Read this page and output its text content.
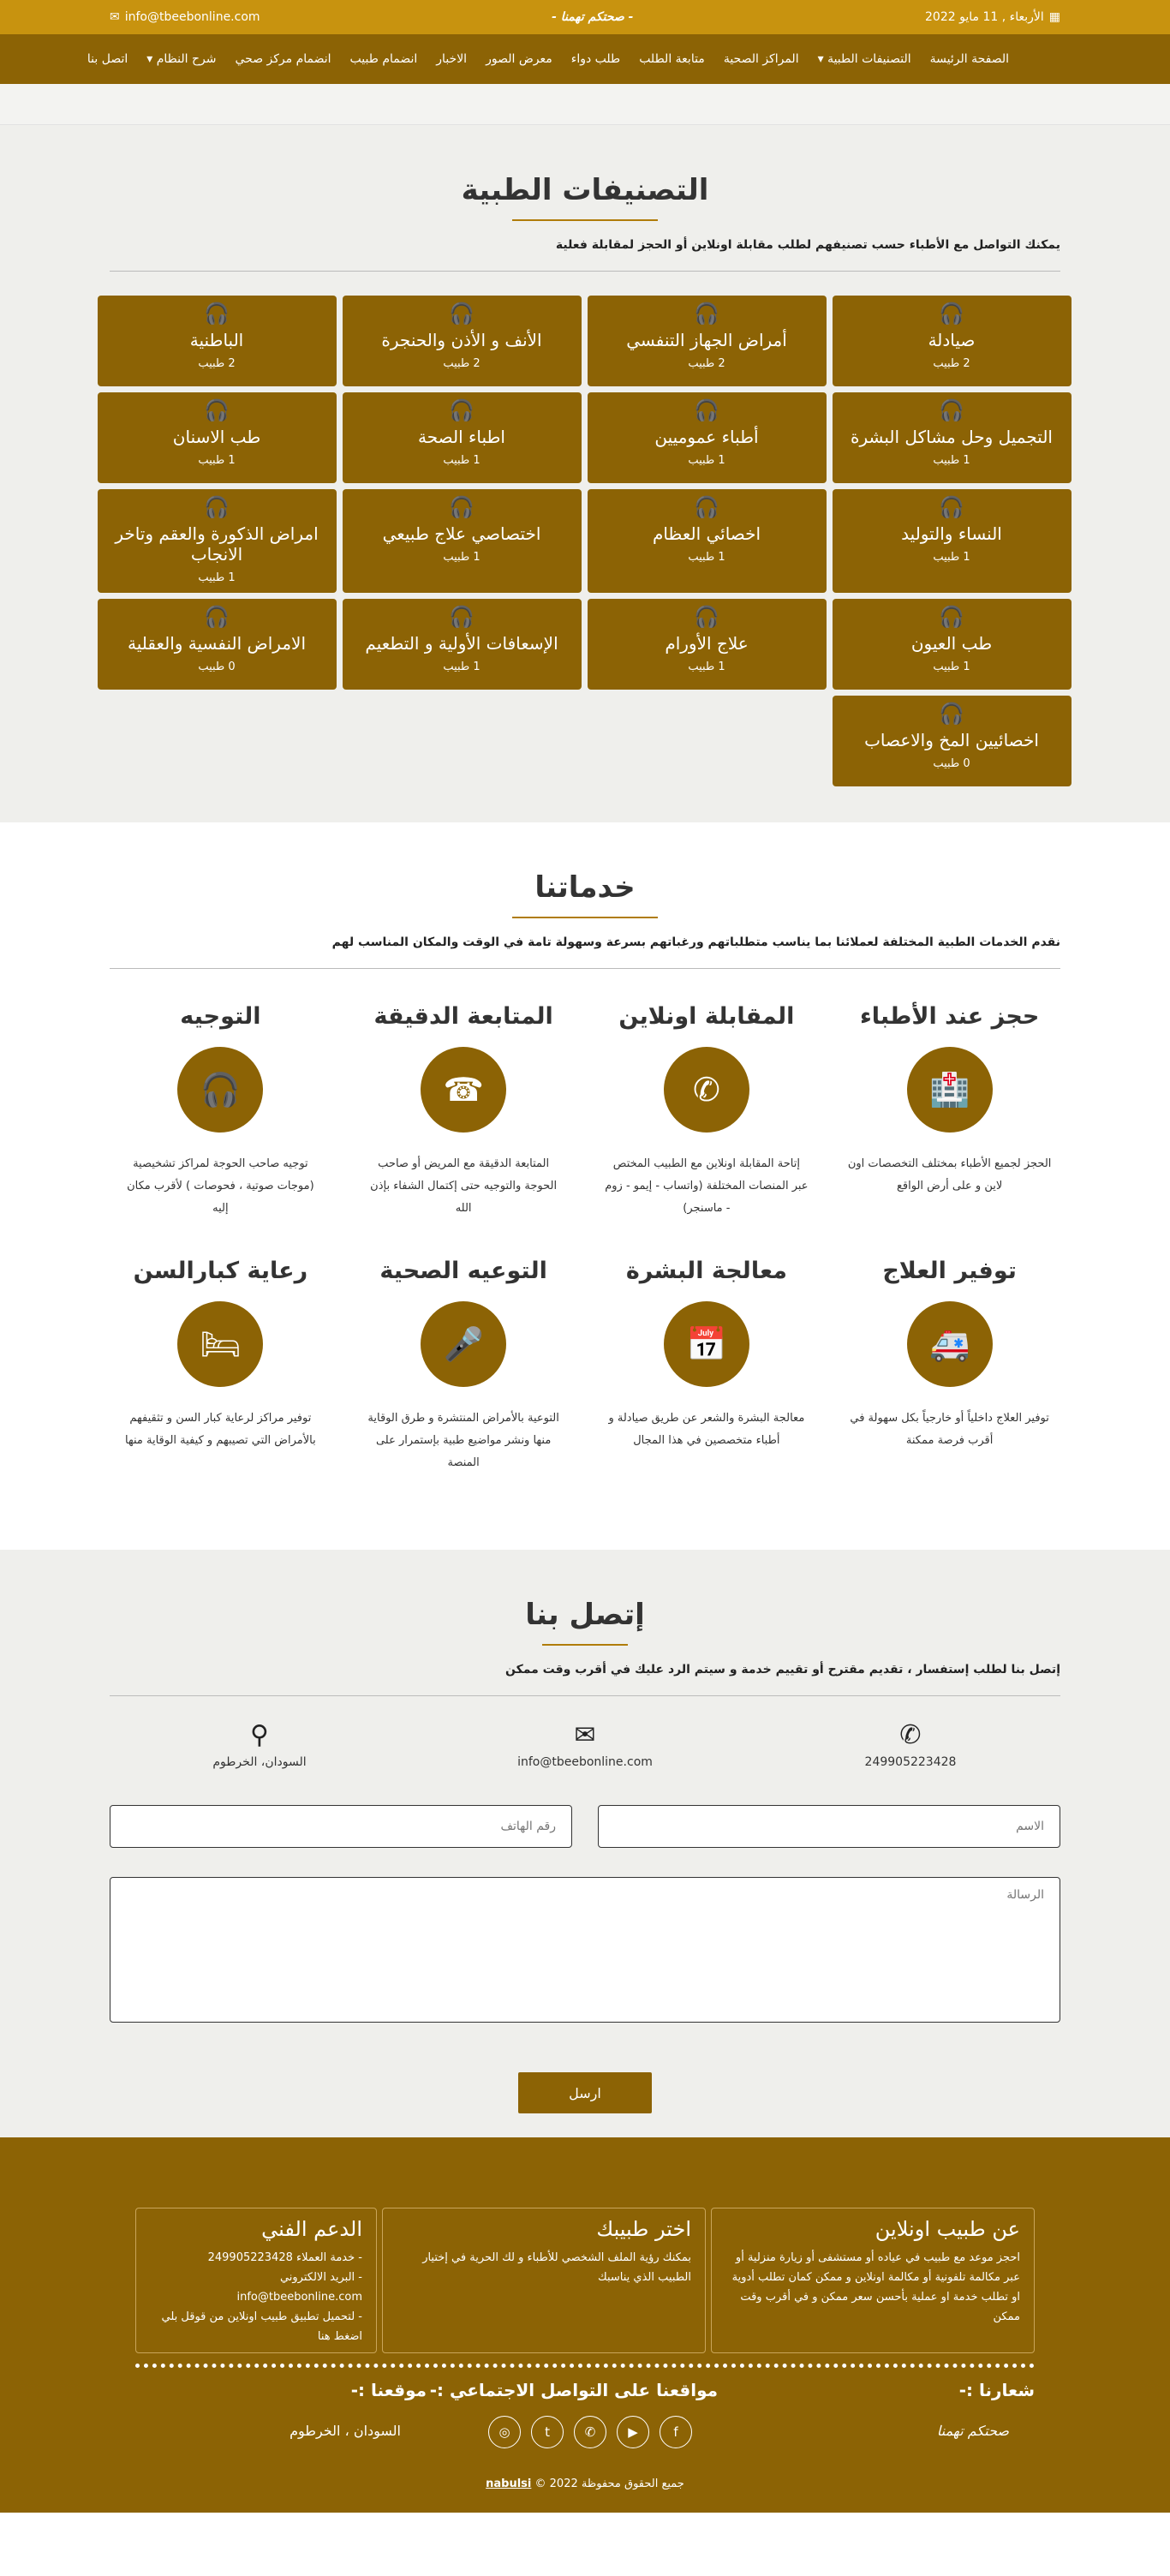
▦
الأربعاء , 11 مايو 2022
- صحتكم تهمنا -
info@tbeebonline.com
✉
الصفحة الرئيسة
التصنيفات الطبية ▾
المراكز الصحية
متابعة الطلب
طلب دواء
معرض الصور
الاخبار
انضمام طبيب
انضمام مركز صحي
شرح النظام ▾
اتصل بنا
التصنيفات الطبية

يمكنك التواصل مع الأطباء حسب تصنيفهم لطلب مقابلة اونلاين أو الحجز لمقابلة فعلية

🎧
صيادلة
2 طبيب
🎧
أمراض الجهاز التنفسي
2 طبيب
🎧
الأنف و الأذن والحنجرة
2 طبيب
🎧
الباطنية
2 طبيب
🎧
التجميل وحل مشاكل البشرة
1 طبيب
🎧
أطباء عموميين
1 طبيب
🎧
اطباء الصحة
1 طبيب
🎧
طب الاسنان
1 طبيب
🎧
النساء والتوليد
1 طبيب
🎧
اخصائي العظام
1 طبيب
🎧
اختصاصي علاج طبيعي
1 طبيب
🎧
امراض الذكورة والعقم وتاخر الانجاب
1 طبيب
🎧
طب العيون
1 طبيب
🎧
علاج الأورام
1 طبيب
🎧
الإسعافات الأولية و التطعيم
1 طبيب
🎧
الامراض النفسية والعقلية
0 طبيب
🎧
اخصائيين المخ والاعصاب
0 طبيب
خدماتنا

نقدم الخدمات الطبية المختلفة لعملائنا بما يناسب متطلباتهم ورغباتهم بسرعة وسهولة تامة في الوقت والمكان المناسب لهم

حجز عند الأطباء
🏥

الحجز لجميع الأطباء بمختلف التخصصات اون لاين و على أرض الواقع

المقابلة اونلاين
✆

إتاحة المقابلة اونلاين مع الطبيب المختص عبر المنصات المختلفة (واتساب - إيمو - زوم - ماسنجر)

المتابعة الدقيقة
☎

المتابعة الدقيقة مع المريض أو صاحب الحوجة والتوجيه حتى إكتمال الشفاء بإذن الله

التوجيه
🎧

توجيه صاحب الحوجة لمراكز تشخيصية (موجات صوتية ، فحوصات ) لأقرب مكان إليه

توفير العلاج
🚑

توفير العلاج داخلياً أو خارجياً بكل سهولة في أقرب فرصة ممكنة

معالجة البشرة
📅

معالجة البشرة والشعر عن طريق صيادلة و أطباء متخصصين في هذا المجال

التوعيه الصحية
🎤

التوعية بالأمراض المنتشرة و طرق الوقاية منها ونشر مواضيع طبية بإستمرار على المنصة

رعاية كبارالسن
🛏

توفير مراكز لرعاية كبار السن و تثقيفهم بالأمراض التي تصيبهم و كيفية الوقاية منها

إتصل بنا

إتصل بنا لطلب إستفسار ، تقديم مقترح أو تقييم خدمة و سيتم الرد عليك في أقرب وقت ممكن

✆
249905223428
✉
info@tbeebonline.com
⚲
السودان، الخرطوم
الاسم
رقم الهاتف
الرسالة
ارسل
عن طبيب اونلاين

احجز موعد مع طبيب في عياده أو مستشفى أو زيارة منزلية أو عبر مكالمة تلفونية أو مكالمة اونلاين و ممكن كمان تطلب أدوية او تطلب خدمة او عملية بأحسن سعر ممكن و في أقرب وقت ممكن

اختر طبيبك

بمكنك رؤية الملف الشخصي للأطباء و لك الحرية في إختيار الطبيب الذي يناسبك

الدعم الفني
- خدمة العملاء 249905223428
- البريد الالكتروني
info@tbeebonline.com
- لتحميل تطبيق طبيب اونلاين من قوقل بلي اضغط هنا
شعارنا :-
صحتكم تهمنا
مواقعنا على التواصل الاجتماعي :-
f
▶
✆
t
◎
موقعنا :-
السودان ، الخرطوم
جميع الحقوق محفوظة 2022 © nabulsi
